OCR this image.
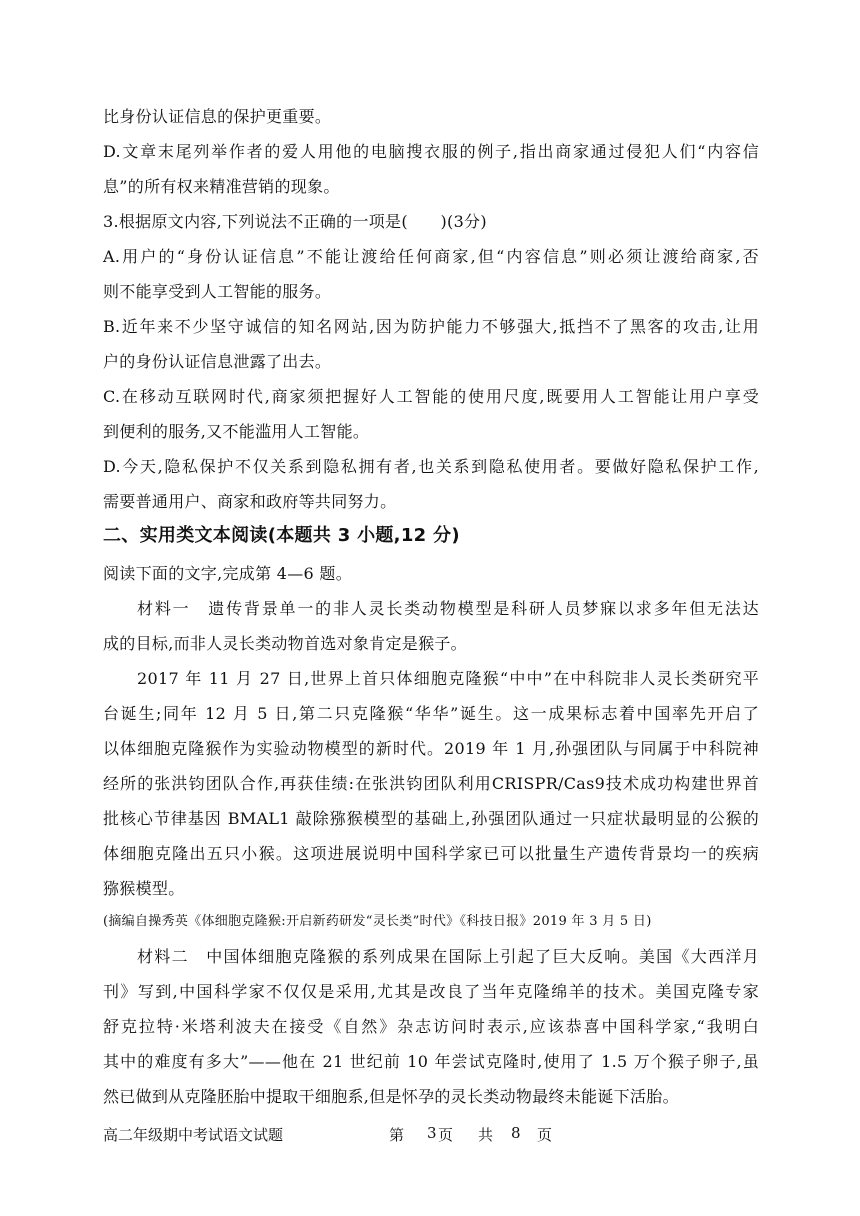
比身份认证信息的保护更重要。
D.文章末尾列举作者的爱人用他的电脑搜衣服的例子,指出商家通过侵犯人们“内容信
息”的所有权来精准营销的现象。
3.根据原文内容,下列说法不正确的一项是(　　)(3分)
A.用户的“身份认证信息”不能让渡给任何商家,但“内容信息”则必须让渡给商家,否
则不能享受到人工智能的服务。
B.近年来不少坚守诚信的知名网站,因为防护能力不够强大,抵挡不了黑客的攻击,让用
户的身份认证信息泄露了出去。
C.在移动互联网时代,商家须把握好人工智能的使用尺度,既要用人工智能让用户享受
到便利的服务,又不能滥用人工智能。
D.今天,隐私保护不仅关系到隐私拥有者,也关系到隐私使用者。要做好隐私保护工作,
需要普通用户、商家和政府等共同努力。
二、实用类文本阅读(本题共 3 小题,12 分)
阅读下面的文字,完成第 4—6 题。
材料一　遗传背景单一的非人灵长类动物模型是科研人员梦寐以求多年但无法达
成的目标,而非人灵长类动物首选对象肯定是猴子。
2017 年 11 月 27 日,世界上首只体细胞克隆猴“中中”在中科院非人灵长类研究平
台诞生;同年 12 月 5 日,第二只克隆猴“华华”诞生。这一成果标志着中国率先开启了
以体细胞克隆猴作为实验动物模型的新时代。2019 年 1 月,孙强团队与同属于中科院神
经所的张洪钧团队合作,再获佳绩:在张洪钧团队利用CRISPR/Cas9技术成功构建世界首
批核心节律基因 BMAL1 敲除猕猴模型的基础上,孙强团队通过一只症状最明显的公猴的
体细胞克隆出五只小猴。这项进展说明中国科学家已可以批量生产遗传背景均一的疾病
猕猴模型。
(摘编自操秀英《体细胞克隆猴:开启新药研发“灵长类”时代》《科技日报》2019 年 3 月 5 日)
材料二　中国体细胞克隆猴的系列成果在国际上引起了巨大反响。美国《大西洋月
刊》写到,中国科学家不仅仅是采用,尤其是改良了当年克隆绵羊的技术。美国克隆专家
舒克拉特·米塔利波夫在接受《自然》杂志访问时表示,应该恭喜中国科学家,“我明白
其中的难度有多大”——他在 21 世纪前 10 年尝试克隆时,使用了 1.5 万个猴子卵子,虽
然已做到从克隆胚胎中提取干细胞系,但是怀孕的灵长类动物最终未能诞下活胎。
高二年级期中考试语文试题	第 3 页 共 8 页
